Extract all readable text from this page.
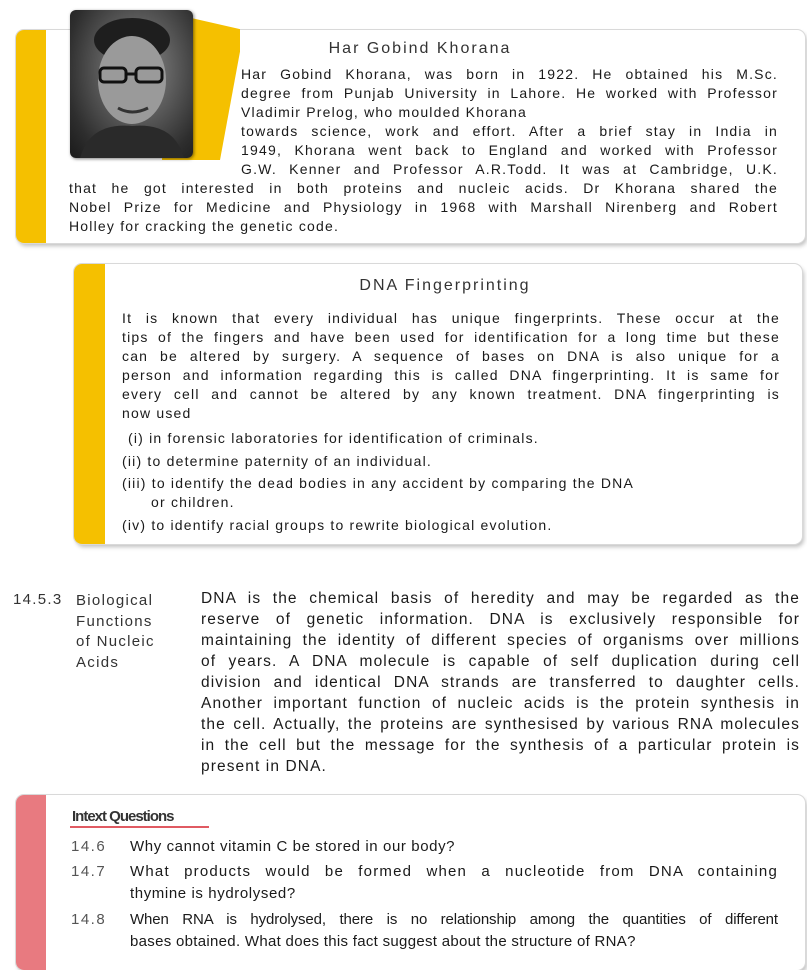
Har Gobind Khorana
Har Gobind Khorana, was born in 1922. He obtained his M.Sc.
degree from Punjab University in Lahore. He worked with Professor
Vladimir Prelog, who moulded Khorana
towards science, work and effort. After a brief stay in India in
1949, Khorana went back to England and worked with Professor
G.W. Kenner and Professor A.R.Todd. It was at Cambridge, U.K.
that he got interested in both proteins and nucleic acids. Dr Khorana shared the
Nobel Prize for Medicine and Physiology in 1968 with Marshall Nirenberg and Robert
Holley for cracking the genetic code.
DNA Fingerprinting
It is known that every individual has unique fingerprints. These occur at the
tips of the fingers and have been used for identification for a long time but these
can be altered by surgery. A sequence of bases on DNA is also unique for a
person and information regarding this is called DNA fingerprinting. It is same for
every cell and cannot be altered by any known treatment. DNA fingerprinting is
now used
(i) in forensic laboratories for identification of criminals.
(ii) to determine paternity of an individual.
(iii) to identify the dead bodies in any accident by comparing the DNA
or children.
(iv) to identify racial groups to rewrite biological evolution.
14.5.3 Biological
Functions
of Nucleic
Acids
DNA is the chemical basis of heredity and may be regarded as the
reserve of genetic information. DNA is exclusively responsible for
maintaining the identity of different species of organisms over millions
of years. A DNA molecule is capable of self duplication during cell
division and identical DNA strands are transferred to daughter cells.
Another important function of nucleic acids is the protein synthesis in
the cell. Actually, the proteins are synthesised by various RNA molecules
in the cell but the message for the synthesis of a particular protein is
present in DNA.
Intext Questions
14.6 Why cannot vitamin C be stored in our body?
14.7 What products would be formed when a nucleotide from DNA containing
thymine is hydrolysed?
14.8 When RNA is hydrolysed, there is no relationship among the quantities of different
bases obtained. What does this fact suggest about the structure of RNA?
